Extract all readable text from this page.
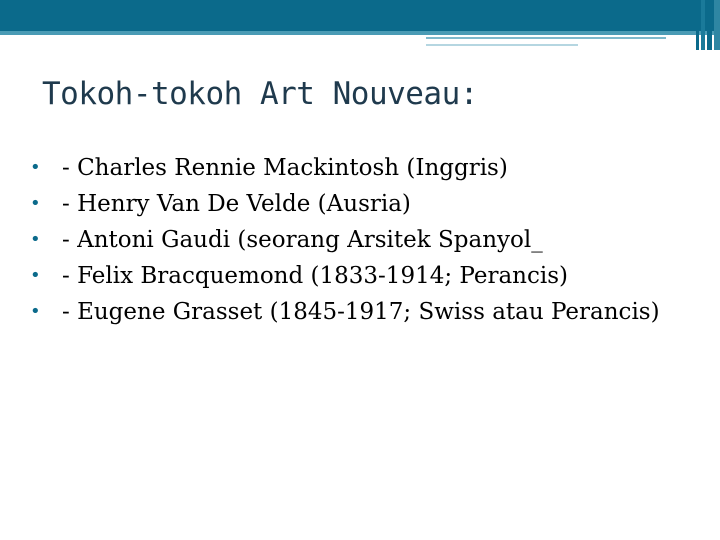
Tokoh-tokoh Art Nouveau:
• - Charles Rennie Mackintosh (Inggris)
• - Henry Van De Velde (Ausria)
• - Antoni Gaudi (seorang Arsitek Spanyol_
• - Felix Bracquemond (1833-1914; Perancis)
• - Eugene Grasset (1845-1917; Swiss atau Perancis)
